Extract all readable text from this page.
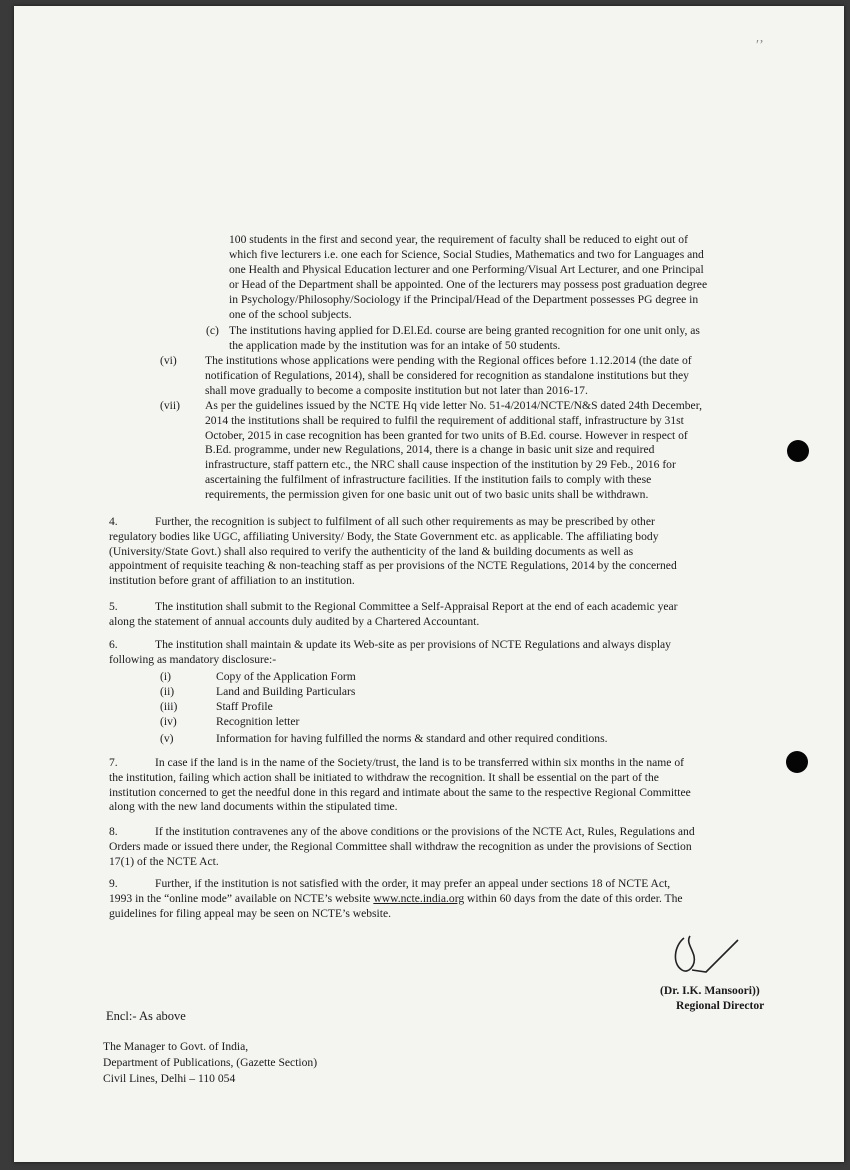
′’
100 students in the first and second year, the requirement of faculty shall be reduced to eight out of
which five lecturers i.e. one each for Science, Social Studies, Mathematics and two for Languages and
one Health and Physical Education lecturer and one Performing/Visual Art Lecturer, and one Principal
or Head of the Department shall be appointed. One of the lecturers may possess post graduation degree
in Psychology/Philosophy/Sociology if the Principal/Head of the Department possesses PG degree in
one of the school subjects.
(c) The institutions having applied for D.El.Ed. course are being granted recognition for one unit only, as
the application made by the institution was for an intake of 50 students.
(vi) The institutions whose applications were pending with the Regional offices before 1.12.2014 (the date of
notification of Regulations, 2014), shall be considered for recognition as standalone institutions but they
shall move gradually to become a composite institution but not later than 2016-17.
(vii) As per the guidelines issued by the NCTE Hq vide letter No. 51-4/2014/NCTE/N&S dated 24th December,
2014 the institutions shall be required to fulfil the requirement of additional staff, infrastructure by 31st
October, 2015 in case recognition has been granted for two units of B.Ed. course. However in respect of
B.Ed. programme, under new Regulations, 2014, there is a change in basic unit size and required
infrastructure, staff pattern etc., the NRC shall cause inspection of the institution by 29 Feb., 2016 for
ascertaining the fulfilment of infrastructure facilities. If the institution fails to comply with these
requirements, the permission given for one basic unit out of two basic units shall be withdrawn.
4.	Further, the recognition is subject to fulfilment of all such other requirements as may be prescribed by other
regulatory bodies like UGC, affiliating University/ Body, the State Government etc. as applicable. The affiliating body
(University/State Govt.) shall also required to verify the authenticity of the land & building documents as well as
appointment of requisite teaching & non-teaching staff as per provisions of the NCTE Regulations, 2014 by the concerned
institution before grant of affiliation to an institution.
5.	The institution shall submit to the Regional Committee a Self-Appraisal Report at the end of each academic year
along the statement of annual accounts duly audited by a Chartered Accountant.
6.	The institution shall maintain & update its Web-site as per provisions of NCTE Regulations and always display
following as mandatory disclosure:-
(i)	Copy of the Application Form
(ii)	Land and Building Particulars
(iii)	Staff Profile
(iv)	Recognition letter
(v)	Information for having fulfilled the norms & standard and other required conditions.
7.	In case if the land is in the name of the Society/trust, the land is to be transferred within six months in the name of
the institution, failing which action shall be initiated to withdraw the recognition. It shall be essential on the part of the
institution concerned to get the needful done in this regard and intimate about the same to the respective Regional Committee
along with the new land documents within the stipulated time.
8.	If the institution contravenes any of the above conditions or the provisions of the NCTE Act, Rules, Regulations and
Orders made or issued there under, the Regional Committee shall withdraw the recognition as under the provisions of Section
17(1) of the NCTE Act.
9.	Further, if the institution is not satisfied with the order, it may prefer an appeal under sections 18 of NCTE Act,
1993 in the “online mode” available on NCTE’s website www.ncte.india.org within 60 days from the date of this order. The
guidelines for filing appeal may be seen on NCTE’s website.
(Dr. I.K. Mansoori))
Regional Director
Encl:- As above
The Manager to Govt. of India,
Department of Publications, (Gazette Section)
Civil Lines, Delhi – 110 054
